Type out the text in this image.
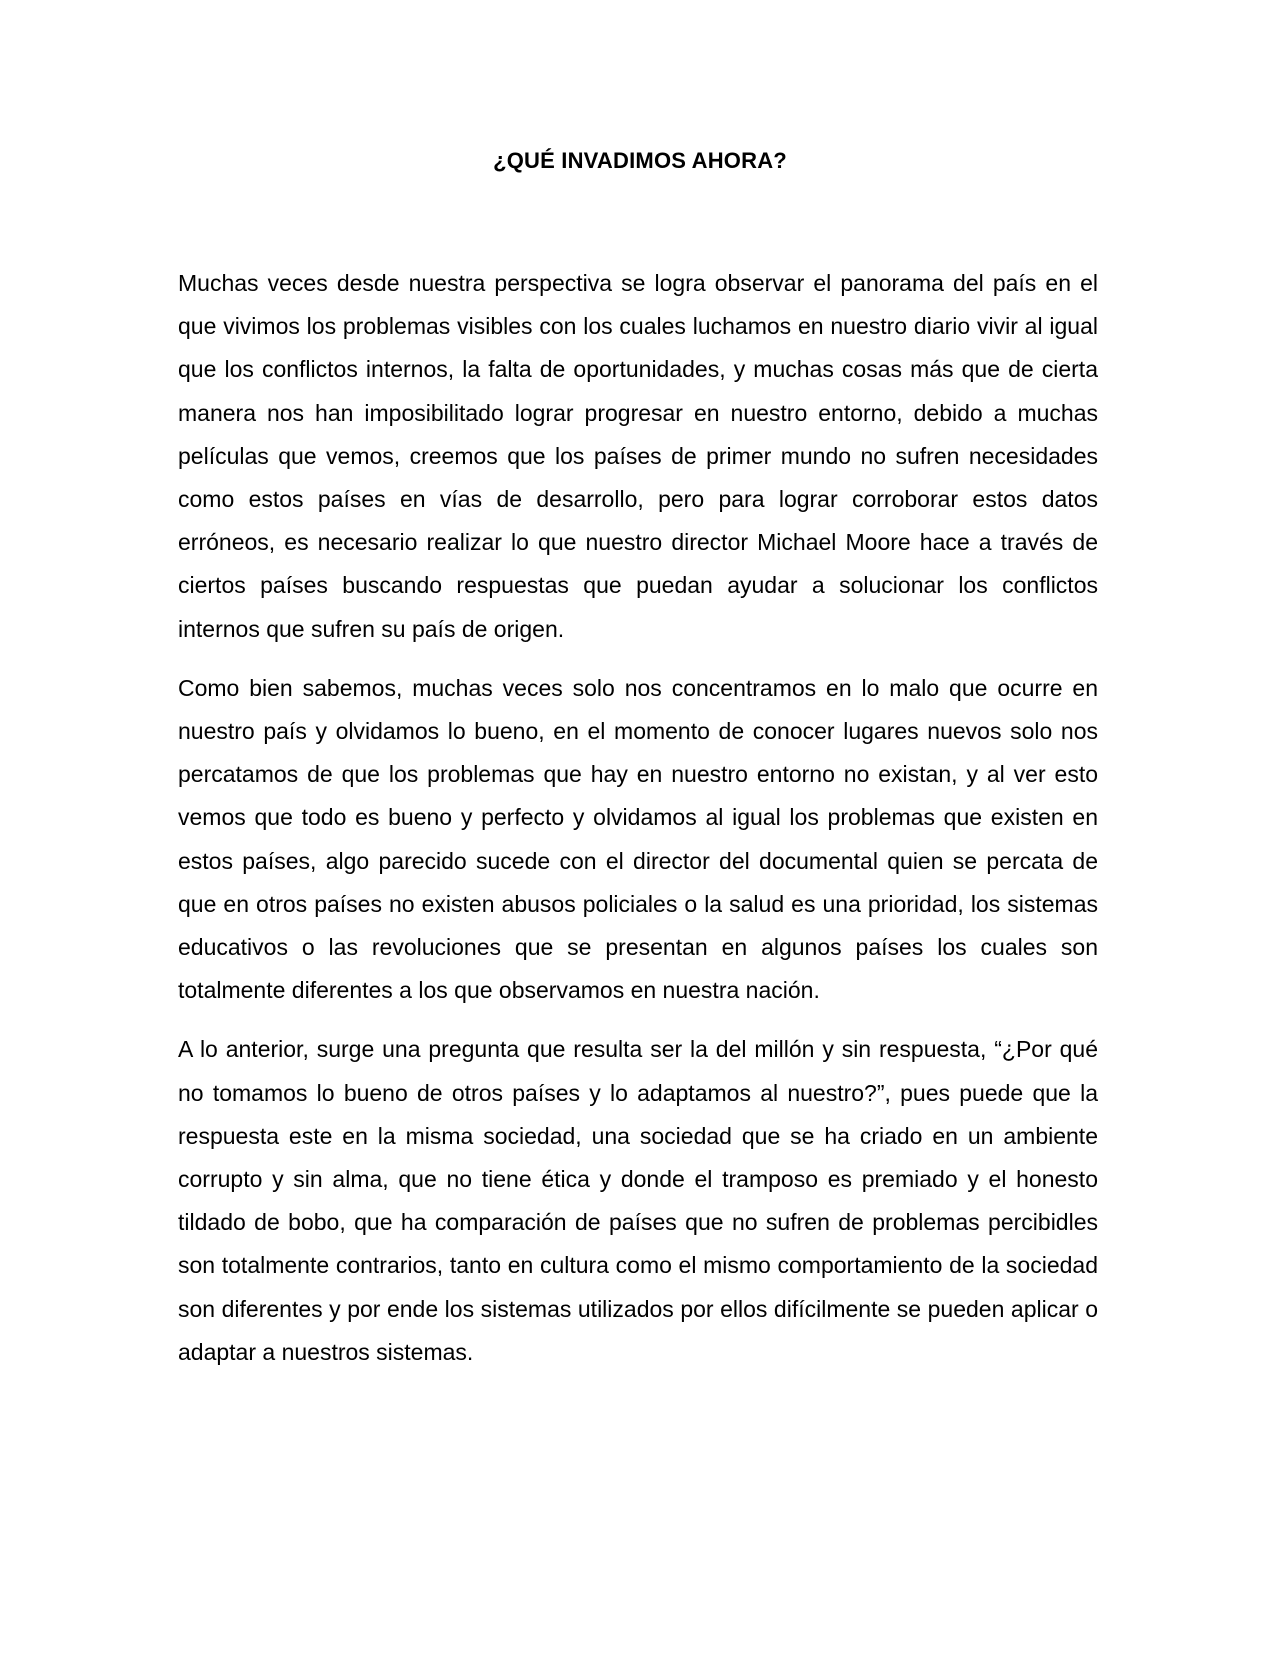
¿QUÉ INVADIMOS AHORA?

Muchas veces desde nuestra perspectiva se logra observar el panorama del país en el que vivimos los problemas visibles con los cuales luchamos en nuestro diario vivir al igual que los conflictos internos, la falta de oportunidades, y muchas cosas más que de cierta manera nos han imposibilitado lograr progresar en nuestro entorno, debido a muchas películas que vemos, creemos que los países de primer mundo no sufren necesidades como estos países en vías de desarrollo, pero para lograr corroborar estos datos erróneos, es necesario realizar lo que nuestro director Michael Moore hace a través de ciertos países buscando respuestas que puedan ayudar a solucionar los conflictos internos que sufren su país de origen.

Como bien sabemos, muchas veces solo nos concentramos en lo malo que ocurre en nuestro país y olvidamos lo bueno, en el momento de conocer lugares nuevos solo nos percatamos de que los problemas que hay en nuestro entorno no existan, y al ver esto vemos que todo es bueno y perfecto y olvidamos al igual los problemas que existen en estos países, algo parecido sucede con el director del documental quien se percata de que en otros países no existen abusos policiales o la salud es una prioridad, los sistemas educativos o las revoluciones que se presentan en algunos países los cuales son totalmente diferentes a los que observamos en nuestra nación.

A lo anterior, surge una pregunta que resulta ser la del millón y sin respuesta, “¿Por qué no tomamos lo bueno de otros países y lo adaptamos al nuestro?”, pues puede que la respuesta este en la misma sociedad, una sociedad que se ha criado en un ambiente corrupto y sin alma, que no tiene ética y donde el tramposo es premiado y el honesto tildado de bobo, que ha comparación de países que no sufren de problemas percibidles son totalmente contrarios, tanto en cultura como el mismo comportamiento de la sociedad son diferentes y por ende los sistemas utilizados por ellos difícilmente se pueden aplicar o adaptar a nuestros sistemas.
